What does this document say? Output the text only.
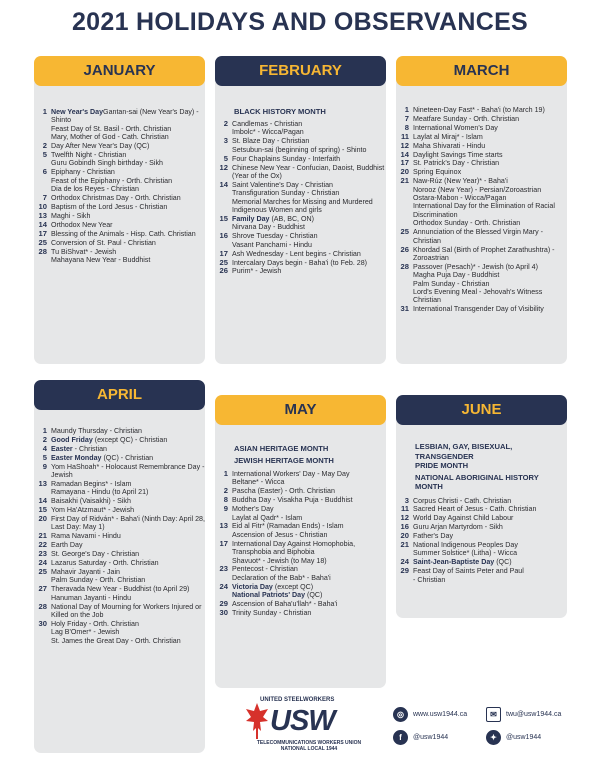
2021 HOLIDAYS AND OBSERVANCES
1 New Year's DayGantan-sai (New Year's Day) - Shinto
Feast Day of St. Basil - Orth. Christian
Mary, Mother of God - Cath. Christian
2 Day After New Year's Day (QC)
5 Twelfth Night - Christian
Guru Gobindh Singh birthday - Sikh
6 Epiphany - Christian
Feast of the Epiphany - Orth. Christian
Dia de los Reyes - Christian
7 Orthodox Christmas Day - Orth. Christian
10 Baptism of the Lord Jesus - Christian
13 Maghi - Sikh
14 Orthodox New Year
17 Blessing of the Animals - Hisp. Cath. Christian
25 Conversion of St. Paul - Christian
28 Tu BiShvat* - Jewish
Mahayana New Year - Buddhist
JANUARY
BLACK HISTORY MONTH
2 Candlemas - Christian
Imbolc* - Wicca/Pagan
3 St. Blaze Day - Christian
Setsubun-sai (beginning of spring) - Shinto
5 Four Chaplains Sunday - Interfaith
12 Chinese New Year - Confucian, Daoist, Buddhist
(Year of the Ox)
14 Saint Valentine's Day - Christian
Transfiguration Sunday - Christian
Memorial Marches for Missing and Murdered
Indigenous Women and girls
15 Family Day (AB, BC, ON)
Nirvana Day - Buddhist
16 Shrove Tuesday - Christian
Vasant Panchami - Hindu
17 Ash Wednesday - Lent begins - Christian
25 Intercalary Days begin - Baha'i (to Feb. 28)
26 Purim* - Jewish
FEBRUARY
1 Nineteen-Day Fast* - Baha'i (to March 19)
7 Meatfare Sunday - Orth. Christian
8 International Women's Day
11 Laylat al Miraj* - Islam
12 Maha Shivarati - Hindu
14 Daylight Savings Time starts
17 St. Patrick's Day - Christian
20 Spring Equinox
21 Naw-Rúz (New Year)* - Baha'i
Norooz (New Year) - Persian/Zoroastrian
Ostara-Mabon - Wicca/Pagan
International Day for the Elimination of Racial
Discrimination
Orthodox Sunday - Orth. Christian
25 Annunciation of the Blessed Virgin Mary - Christian
26 Khordad Sal (Birth of Prophet Zarathushtra) -
Zoroastrian
28 Passover (Pesach)* - Jewish (to April 4)
Magha Puja Day - Buddhist
Palm Sunday - Christian
Lord's Evening Meal - Jehovah's Witness Christian
31 International Transgender Day of Visibility
MARCH
1 Maundy Thursday - Christian
2 Good Friday (except QC) - Christian
4 Easter - Christian
5 Easter Monday (QC) - Christian
9 Yom HaShoah* - Holocaust Remembrance Day -
Jewish
13 Ramadan Begins* - Islam
Ramayana - Hindu (to April 21)
14 Baisakhi (Vaisakhi) - Sikh
15 Yom Ha'Atzmaut* - Jewish
20 First Day of Ridván* - Baha'i (Ninth Day: April 28,
Last Day: May 1)
21 Rama Navami - Hindu
22 Earth Day
23 St. George's Day - Christian
24 Lazarus Saturday - Orth. Christian
25 Mahavir Jayanti - Jain
Palm Sunday - Orth. Christian
27 Theravada New Year - Buddhist (to April 29)
Hanuman Jayanti - Hindu
28 National Day of Mourning for Workers Injured or
Killed on the Job
30 Holy Friday - Orth. Christian
Lag B'Omer* - Jewish
St. James the Great Day - Orth. Christian
APRIL
ASIAN HERITAGE MONTH
JEWISH HERITAGE MONTH
1 International Workers' Day - May Day
Beltane* - Wicca
2 Pascha (Easter) - Orth. Christian
8 Buddha Day - Visakha Puja - Buddhist
9 Mother's Day
Laylat al Qadr* - Islam
13 Eid al Fitr* (Ramadan Ends) - Islam
Ascension of Jesus - Christian
17 International Day Against Homophobia,
Transphobia and Biphobia
Shavuot* - Jewish (to May 18)
23 Pentecost - Christian
Declaration of the Bab* - Baha'i
24 Victoria Day (except QC)
National Patriots' Day (QC)
29 Ascension of Baha'u'llah* - Baha'i
30 Trinity Sunday - Christian
MAY
LESBIAN, GAY, BISEXUAL, TRANSGENDER
PRIDE MONTH
NATIONAL ABORIGINAL HISTORY MONTH
3 Corpus Christi - Cath. Christian
11 Sacred Heart of Jesus - Cath. Christian
12 World Day Against Child Labour
16 Guru Arjan Martyrdom - Sikh
20 Father's Day
21 National Indigenous Peoples Day
Summer Solstice* (Litha) - Wicca
24 Saint-Jean-Baptiste Day (QC)
29 Feast Day of Saints Peter and Paul
- Christian
JUNE
UNITED STEELWORKERS
USW
TELECOMMUNICATIONS WORKERS UNION
NATIONAL LOCAL 1944
◎	www.usw1944.ca	✉	twu@usw1944.ca
f	@usw1944	✦	@usw1944
